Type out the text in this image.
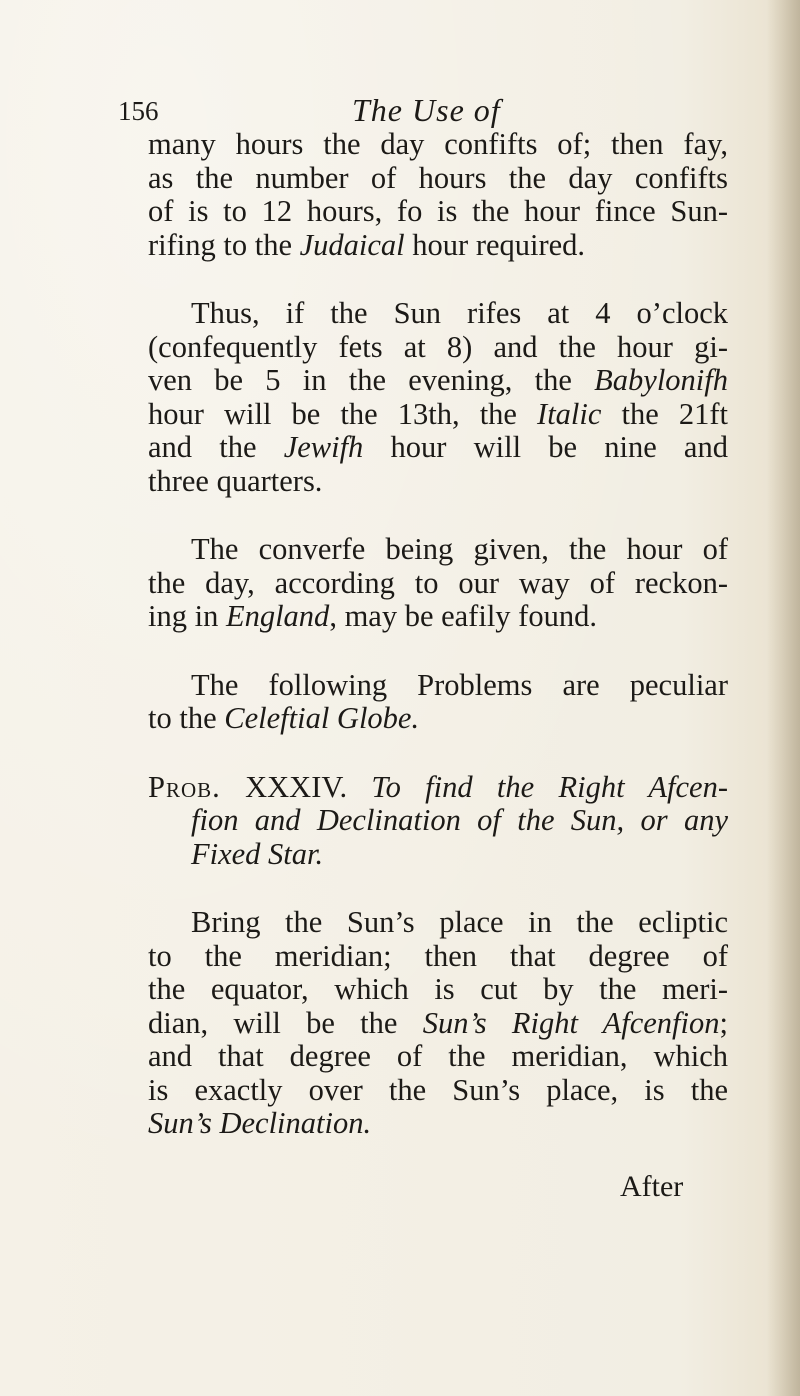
156	The Use of
many hours the day confifts of; then fay,
as the number of hours the day confifts
of is to 12 hours, fo is the hour fince Sun-
rifing to the Judaical hour required.
Thus, if the Sun rifes at 4 o’clock
(confequently fets at 8) and the hour gi-
ven be 5 in the evening, the Babylonifh
hour will be the 13th, the Italic the 21ft
and the Jewifh hour will be nine and
three quarters.
The converfe being given, the hour of
the day, according to our way of reckon-
ing in England, may be eafily found.
The following Problems are peculiar
to the Celeftial Globe.
Prob. XXXIV. To find the Right Afcen-
fion and Declination of the Sun, or any
Fixed Star.
Bring the Sun’s place in the ecliptic
to the meridian; then that degree of
the equator, which is cut by the meri-
dian, will be the Sun’s Right Afcenfion;
and that degree of the meridian, which
is exactly over the Sun’s place, is the
Sun’s Declination.
After
